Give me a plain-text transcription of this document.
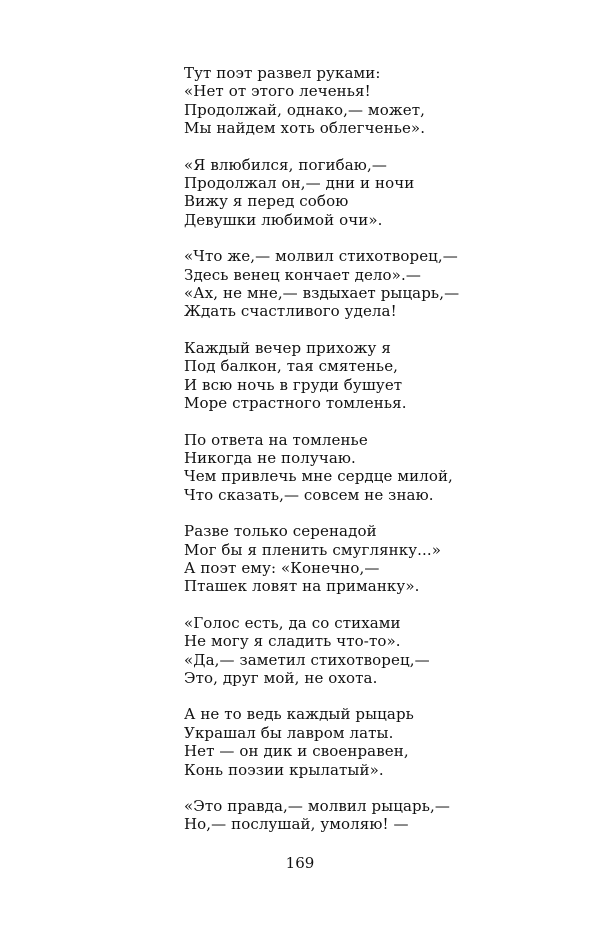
Тут поэт развел руками:
«Нет от этого леченья!
Продолжай, однако,— может,
Мы найдем хоть облегченье».
«Я влюбился, погибаю,—
Продолжал он,— дни и ночи
Вижу я перед собою
Девушки любимой очи».
«Что же,— молвил стихотворец,—
Здесь венец кончает дело».—
«Ах, не мне,— вздыхает рыцарь,—
Ждать счастливого удела!
Каждый вечер прихожу я
Под балкон, тая смятенье,
И всю ночь в груди бушует
Море страстного томленья.
По ответа на томленье
Никогда не получаю.
Чем привлечь мне сердце милой,
Что сказать,— совсем не знаю.
Разве только серенадой
Мог бы я пленить смуглянку...»
А поэт ему: «Конечно,—
Пташек ловят на приманку».
«Голос есть, да со стихами
Не могу я сладить что-то».
«Да,— заметил стихотворец,—
Это, друг мой, не охота.
А не то ведь каждый рыцарь
Украшал бы лавром латы.
Нет — он дик и своенравен,
Конь поэзии крылатый».
«Это правда,— молвил рыцарь,—
Но,— послушай, умоляю! —
169
